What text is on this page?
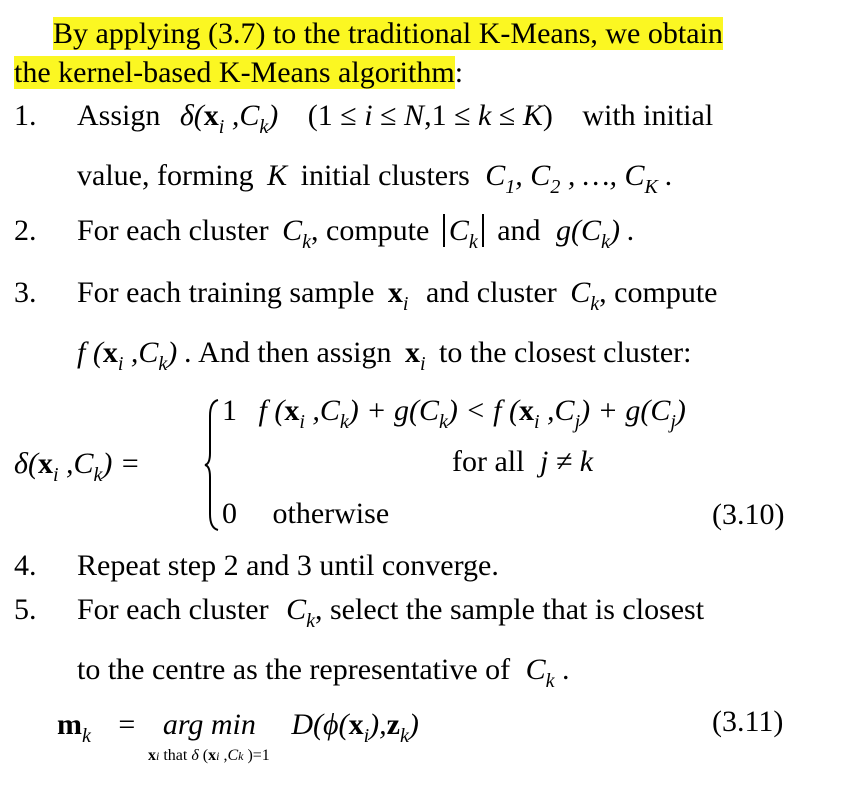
By applying (3.7) to the traditional K-Means, we obtain
the kernel-based K-Means algorithm:
1. Assign $\delta(x_i$ $,C_k$) (1 ≤ i ≤ N,1 ≤ k ≤ K) with initial
value, forming K initial clusters $C_1$, $C_2$ , …, $C_K$ .
2. For each cluster $C_k$, compute $C_k$ and $g(C_k)$ .
3. For each training sample $x_i$ and cluster $C_k$, compute
f ($x_i$ $,C_k$) . And then assign $x_i$ to the closest cluster:
$\delta(x_i$ $,C_k$) =
1 f ($x_i$ $,C_k) + g(C_k) < f$ ($x_i$ $,C_j) + g(C_j)$
for all j ≠ k
0 otherwise	(3.10)
4. Repeat step 2 and 3 until converge.
5. For each cluster $C_k$, select the sample that is closest
to the centre as the representative of $C_k$ .
$m_k$ = arg $\min D(\phi(x_i),z_k)$
xi that δ (xi ,Ck )=1
(3.11)
